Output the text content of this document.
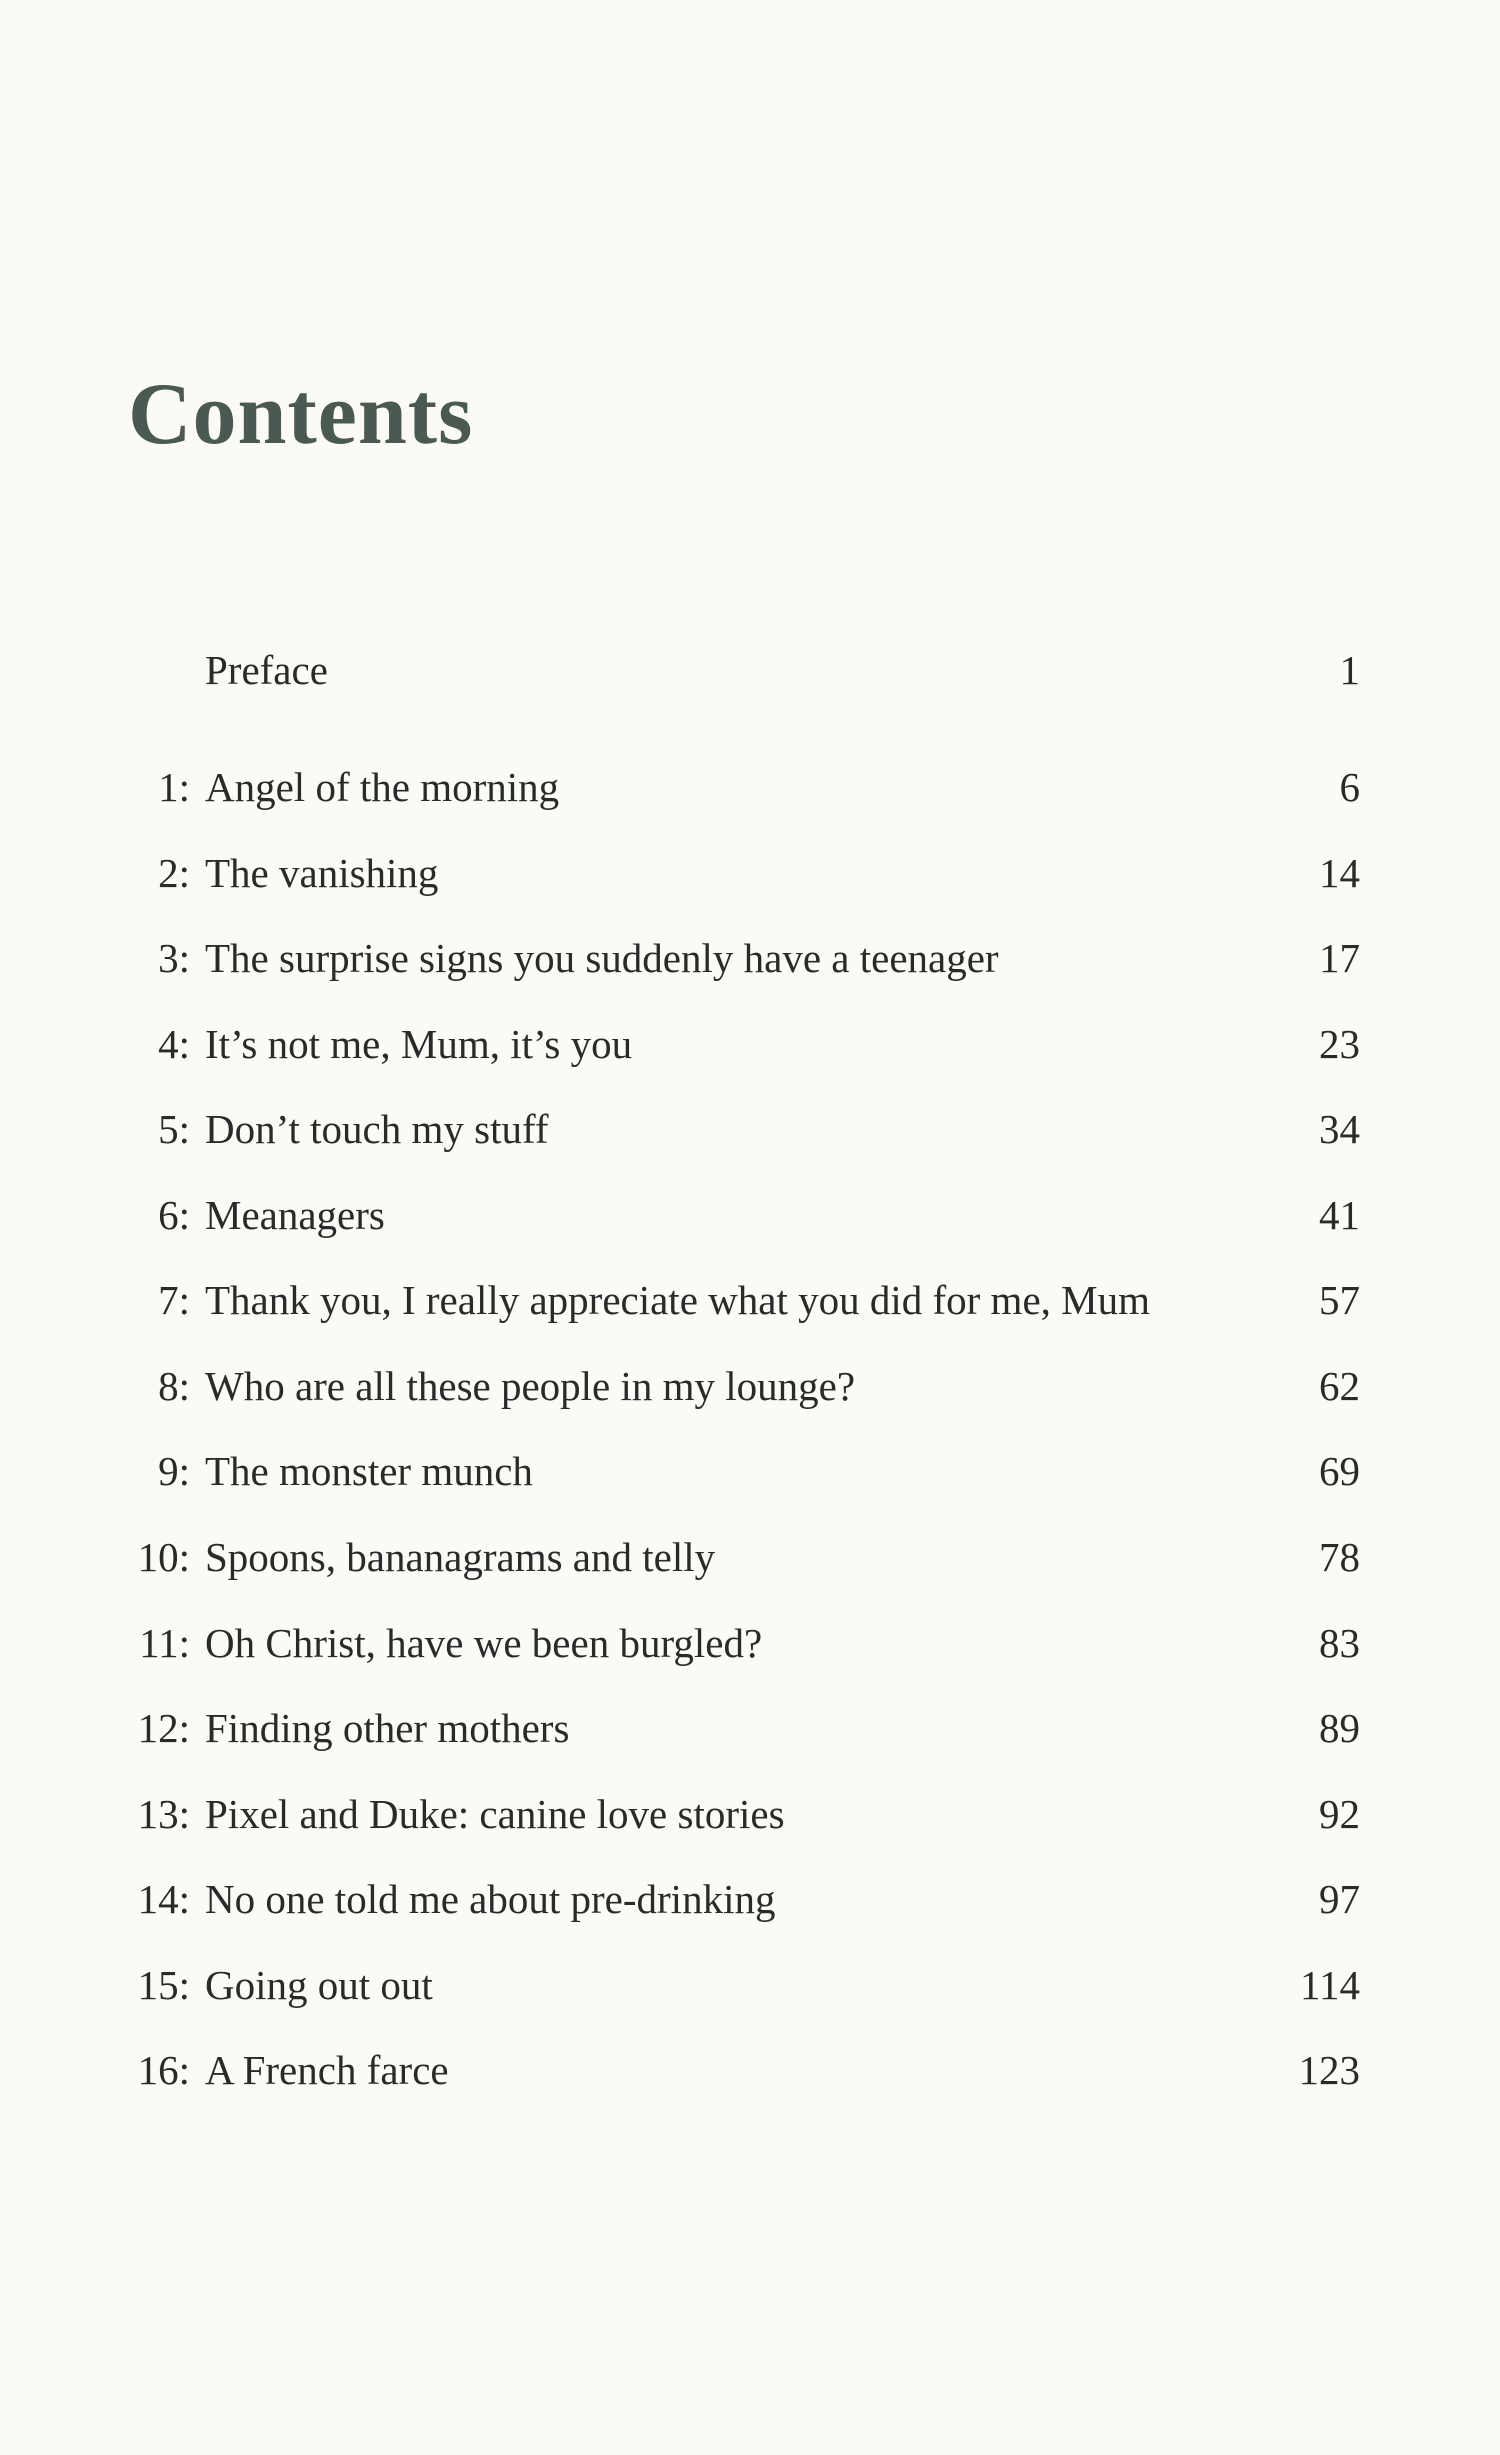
Contents
Preface	1
1: Angel of the morning	6
2: The vanishing	14
3: The surprise signs you suddenly have a teenager	17
4: It’s not me, Mum, it’s you	23
5: Don’t touch my stuff	34
6: Meanagers	41
7: Thank you, I really appreciate what you did for me, Mum	57
8: Who are all these people in my lounge?	62
9: The monster munch	69
10: Spoons, bananagrams and telly	78
11: Oh Christ, have we been burgled?	83
12: Finding other mothers	89
13: Pixel and Duke: canine love stories	92
14: No one told me about pre-drinking	97
15: Going out out	114
16: A French farce	123
